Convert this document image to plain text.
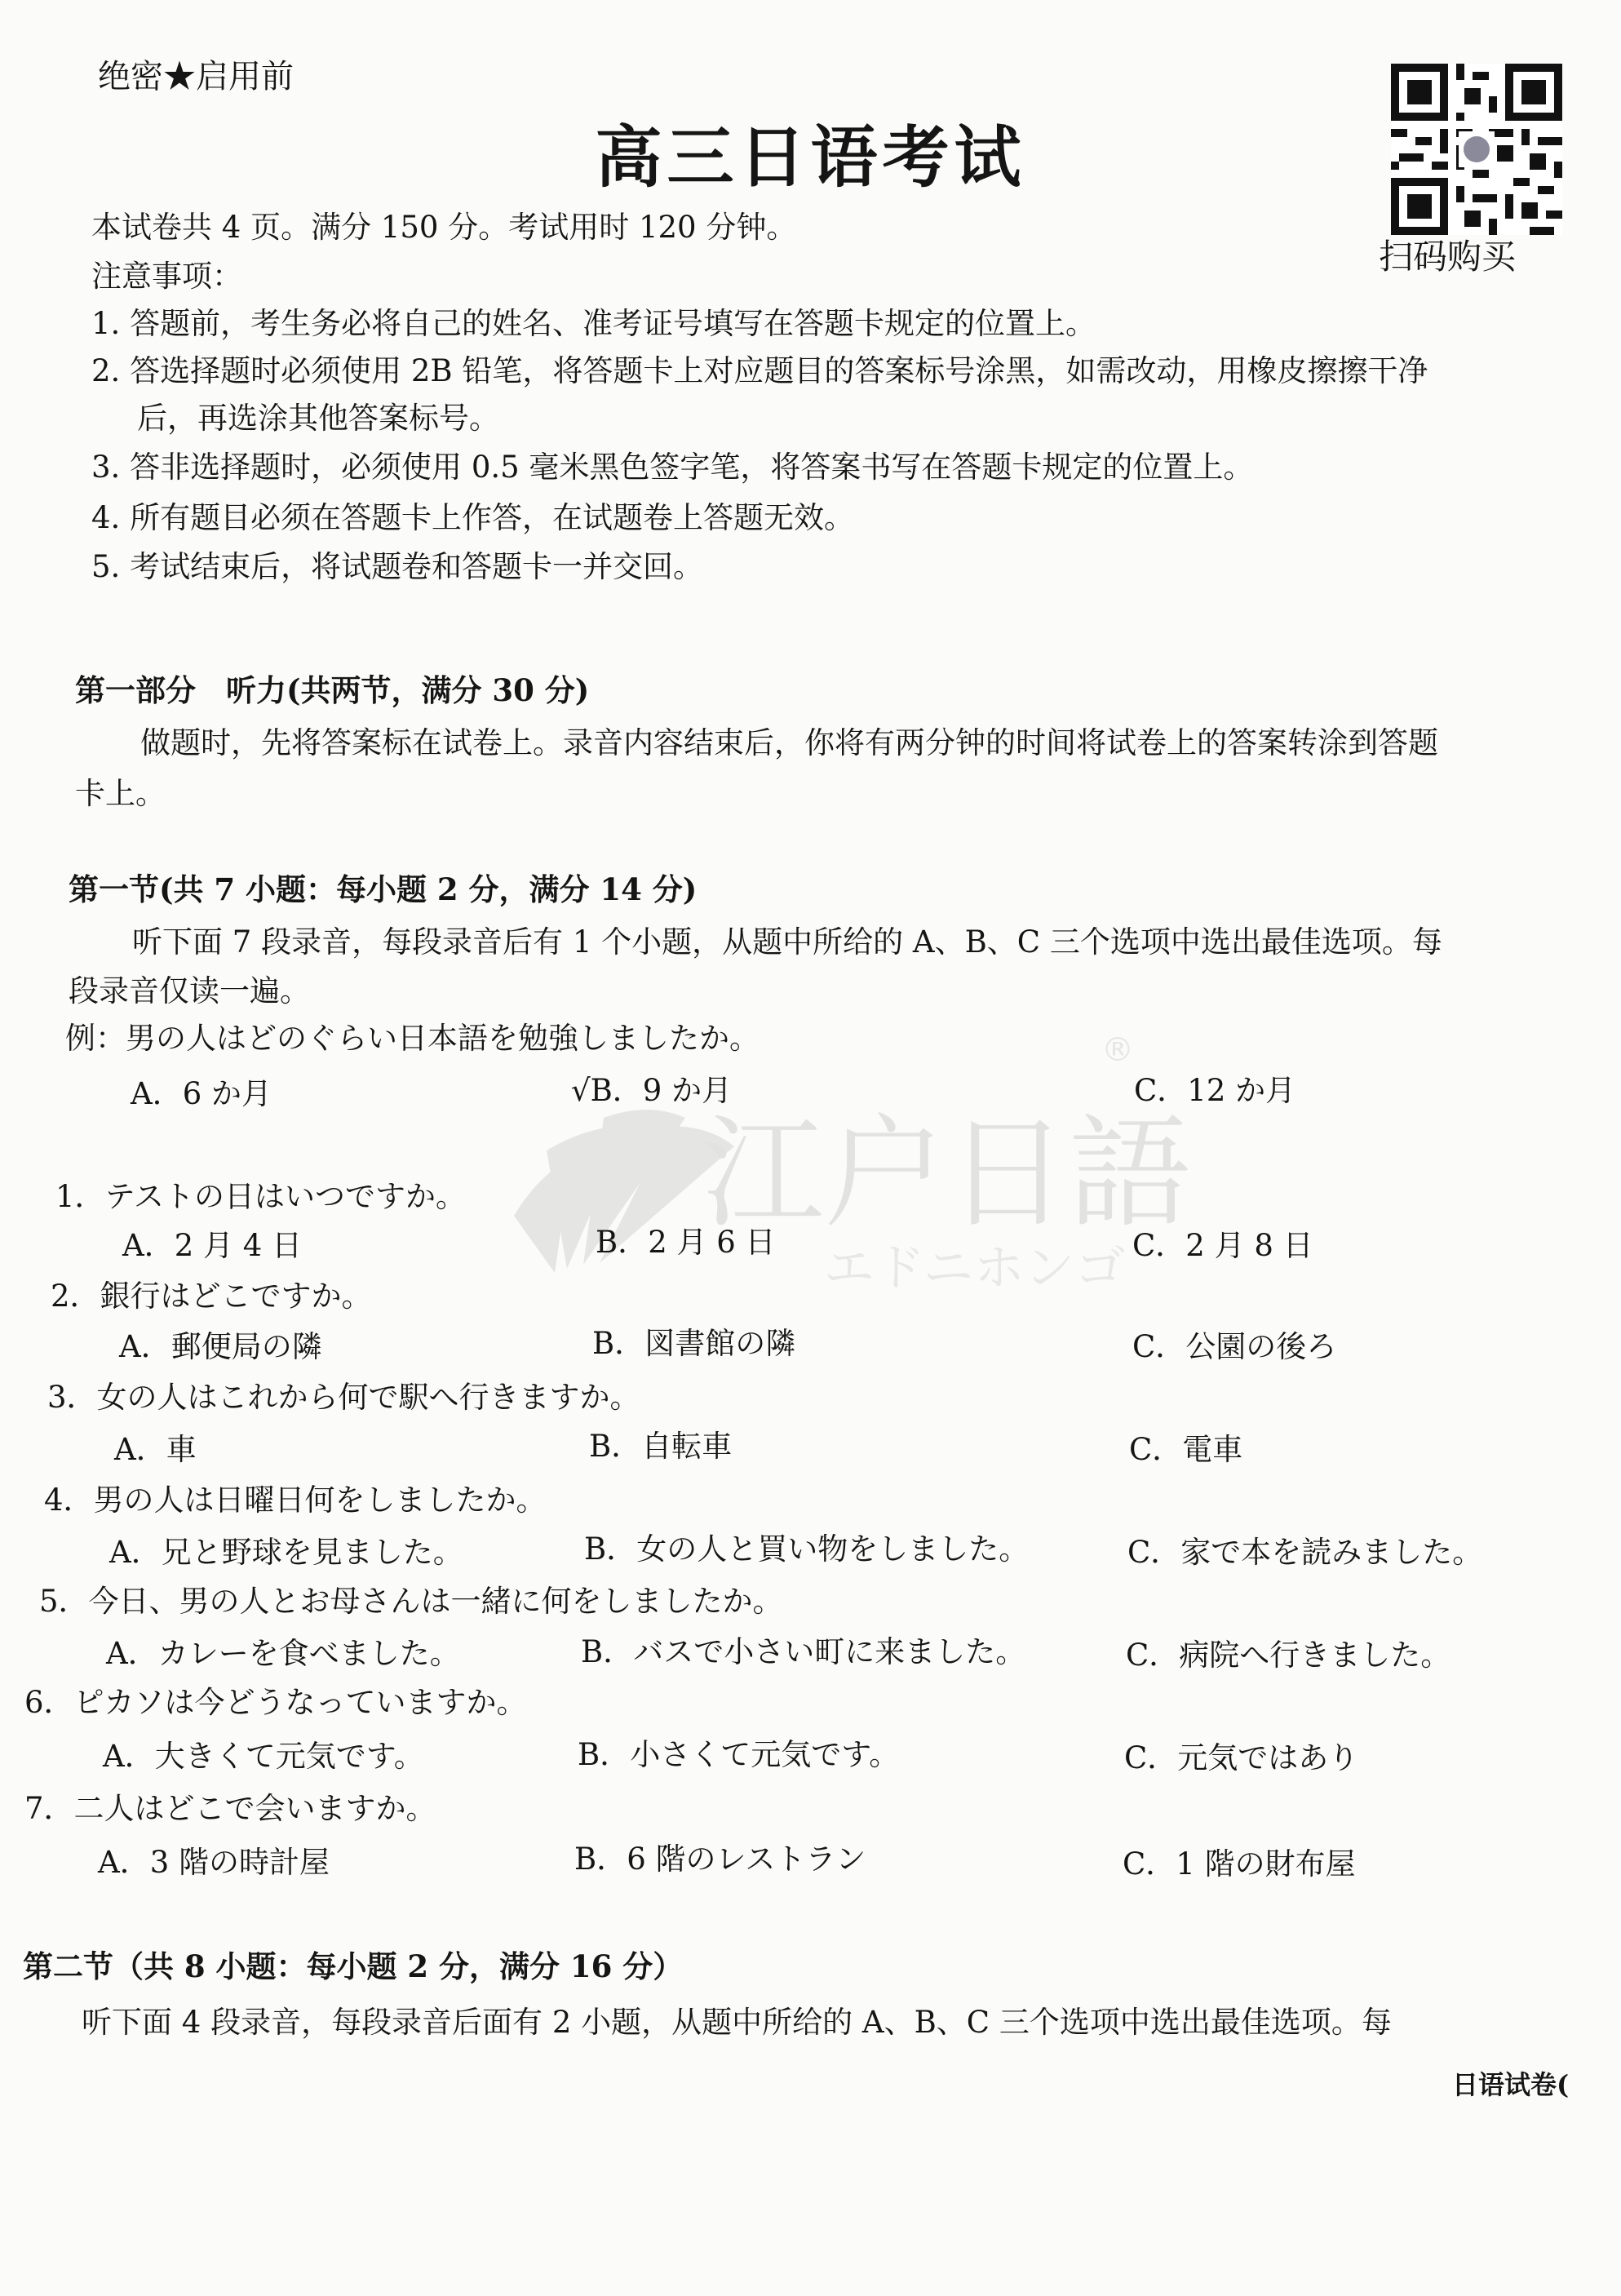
绝密★启用前
高三日语考试
扫码购买
江户日語
®
エドニホンゴ
本试卷共 4 页。满分 150 分。考试用时 120 分钟。
注意事项：
1. 答题前，考生务必将自己的姓名、准考证号填写在答题卡规定的位置上。
2. 答选择题时必须使用 2B 铅笔，将答题卡上对应题目的答案标号涂黑，如需改动，用橡皮擦擦干净
后，再选涂其他答案标号。
3. 答非选择题时，必须使用 0.5 毫米黑色签字笔，将答案书写在答题卡规定的位置上。
4. 所有题目必须在答题卡上作答，在试题卷上答题无效。
5. 考试结束后，将试题卷和答题卡一并交回。
第一部分　听力(共两节，满分 30 分)
做题时，先将答案标在试卷上。录音内容结束后，你将有两分钟的时间将试卷上的答案转涂到答题
卡上。
第一节(共 7 小题：每小题 2 分，满分 14 分)
听下面 7 段录音，每段录音后有 1 个小题，从题中所给的 A、B、C 三个选项中选出最佳选项。每
段录音仅读一遍。
例：男の人はどのぐらい日本語を勉強しましたか。
A．6 か月	√B．9 か月	C．12 か月
1．テストの日はいつですか。
A．2 月 4 日	B．2 月 6 日	C．2 月 8 日
2．銀行はどこですか。
A．郵便局の隣	B．図書館の隣	C．公園の後ろ
3．女の人はこれから何で駅へ行きますか。
A．車	B．自転車	C．電車
4．男の人は日曜日何をしましたか。
A．兄と野球を見ました。	B．女の人と買い物をしました。	C．家で本を読みました。
5．今日、男の人とお母さんは一緒に何をしましたか。
A．カレーを食べました。	B．バスで小さい町に来ました。	C．病院へ行きました。
6．ピカソは今どうなっていますか。
A．大きくて元気です。	B．小さくて元気です。	C．元気ではあり
7．二人はどこで会いますか。
A．3 階の時計屋	B．6 階のレストラン	C．1 階の財布屋
第二节（共 8 小题：每小题 2 分，满分 16 分）
听下面 4 段录音，每段录音后面有 2 小题，从题中所给的 A、B、C 三个选项中选出最佳选项。每
日语试卷(
